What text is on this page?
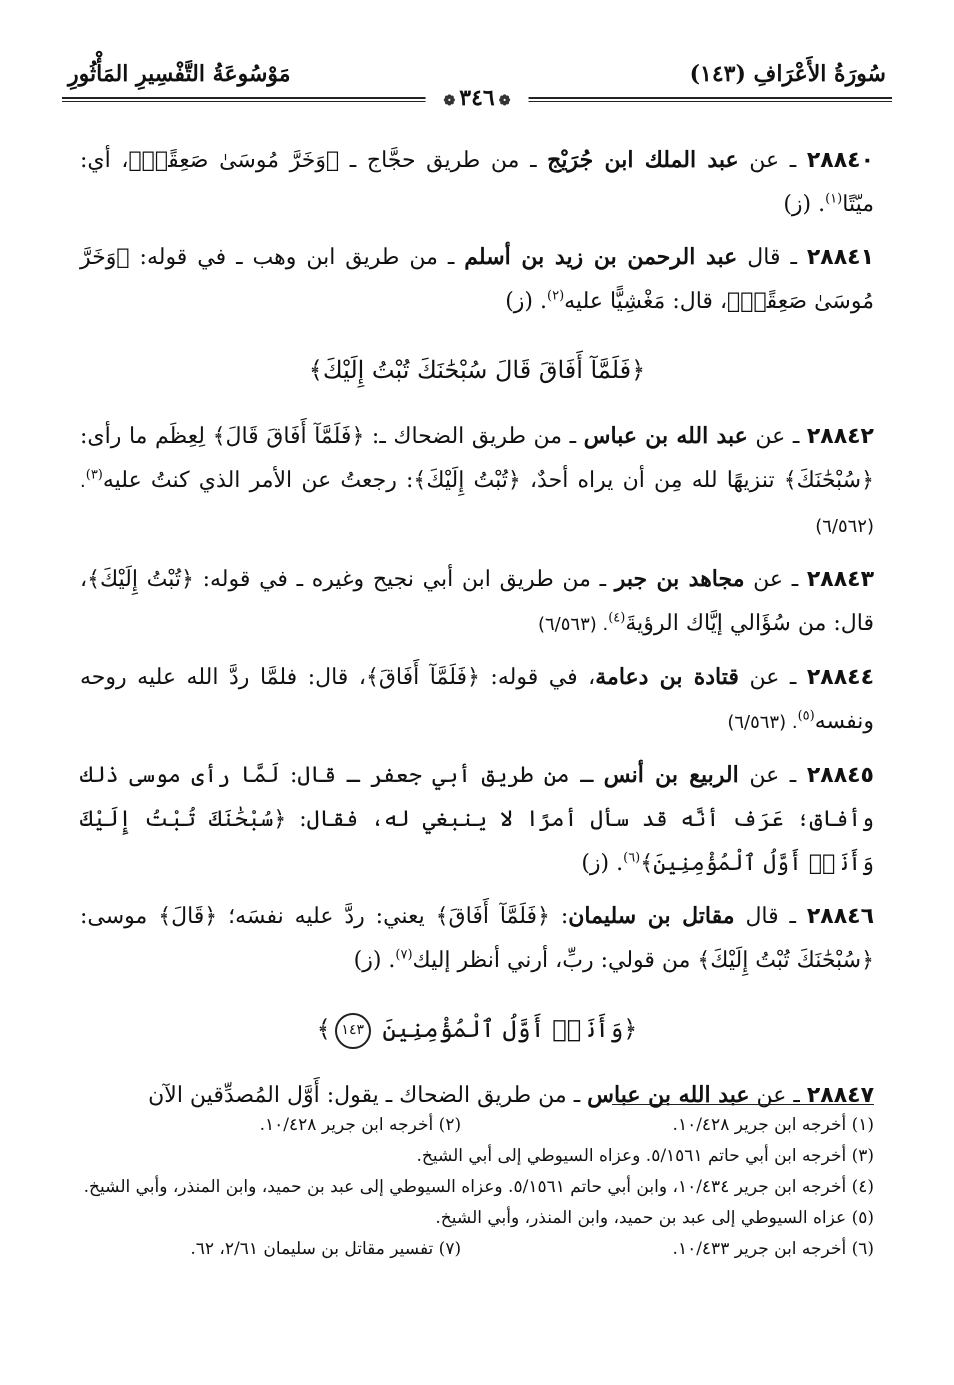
سُورَةُ الأَعْرَافِ (١٤٣)
مَوْسُوعَةُ التَّفْسِيرِ المَأْثُورِ
❁٣٤٦❁

٢٨٨٤٠ ـ عن عبد الملك ابن جُرَيْج ـ من طريق حجَّاج ـ ﴿وَخَرَّ مُوسَىٰ صَعِقًاۚ﴾، أي: ميّتًا$^{(١)}$. (ز)

٢٨٨٤١ ـ قال عبد الرحمن بن زيد بن أسلم ـ من طريق ابن وهب ـ في قوله: ﴿وَخَرَّ مُوسَىٰ صَعِقًاۚ﴾، قال: مَغْشِيًّا عليه$^{(٢)}$. (ز)

﴿فَلَمَّآ أَفَاقَ قَالَ سُبْحَٰنَكَ تُبْتُ إِلَيْكَ﴾

٢٨٨٤٢ ـ عن عبد الله بن عباس ـ من طريق الضحاك ـ: ﴿فَلَمَّآ أَفَاقَ قَالَ﴾ لِعِظَم ما رأى: ﴿سُبْحَٰنَكَ﴾ تنزيهًا لله مِن أن يراه أحدٌ، ﴿تُبْتُ إِلَيْكَ﴾: رجعتُ عن الأمر الذي كنتُ عليه$^{(٣)}$. (٦/٥٦٢)

٢٨٨٤٣ ـ عن مجاهد بن جبر ـ من طريق ابن أبي نجيح وغيره ـ في قوله: ﴿تُبْتُ إِلَيْكَ﴾، قال: من سُؤَالي إيَّاك الرؤيةَ$^{(٤)}$. (٦/٥٦٣)

٢٨٨٤٤ ـ عن قتادة بن دعامة، في قوله: ﴿فَلَمَّآ أَفَاقَ﴾، قال: فلمَّا ردَّ الله عليه روحه ونفسه$^{(٥)}$. (٦/٥٦٣)

٢٨٨٤٥ ـ عن الربيع بن أنس ـ من طريق أبي جعفر ـ قال: لَمَّا رأى موسى ذلك وأفاق؛ عَرَف أنَّه قد سأل أمرًا لا ينبغي له، فقال: ﴿سُبْحَٰنَكَ تُبْتُ إِلَيْكَ وَأَنَا۠ أَوَّلُ ٱلْمُؤْمِنِينَ﴾$^{(٦)}$. (ز)

٢٨٨٤٦ ـ قال مقاتل بن سليمان: ﴿فَلَمَّآ أَفَاقَ﴾ يعني: ردَّ عليه نفسَه؛ ﴿قَالَ﴾ موسى: ﴿سُبْحَٰنَكَ تُبْتُ إِلَيْكَ﴾ من قولي: ربِّ، أرني أنظر إليك$^{(٧)}$. (ز)

﴿وَأَنَا۠ أَوَّلُ ٱلْمُؤْمِنِينَ ١٤٣﴾

٢٨٨٤٧ ـ عن عبد الله بن عباس ـ من طريق الضحاك ـ يقول: أَوَّل المُصدِّقين الآن

(١) أخرجه ابن جرير ١٠/٤٢٨.
(٢) أخرجه ابن جرير ١٠/٤٢٨.
(٣) أخرجه ابن أبي حاتم ٥/١٥٦١. وعزاه السيوطي إلى أبي الشيخ.
(٤) أخرجه ابن جرير ١٠/٤٣٤، وابن أبي حاتم ٥/١٥٦١. وعزاه السيوطي إلى عبد بن حميد، وابن المنذر، وأبي الشيخ.
(٥) عزاه السيوطي إلى عبد بن حميد، وابن المنذر، وأبي الشيخ.
(٦) أخرجه ابن جرير ١٠/٤٣٣.
(٧) تفسير مقاتل بن سليمان ٢/٦١، ٦٢.
